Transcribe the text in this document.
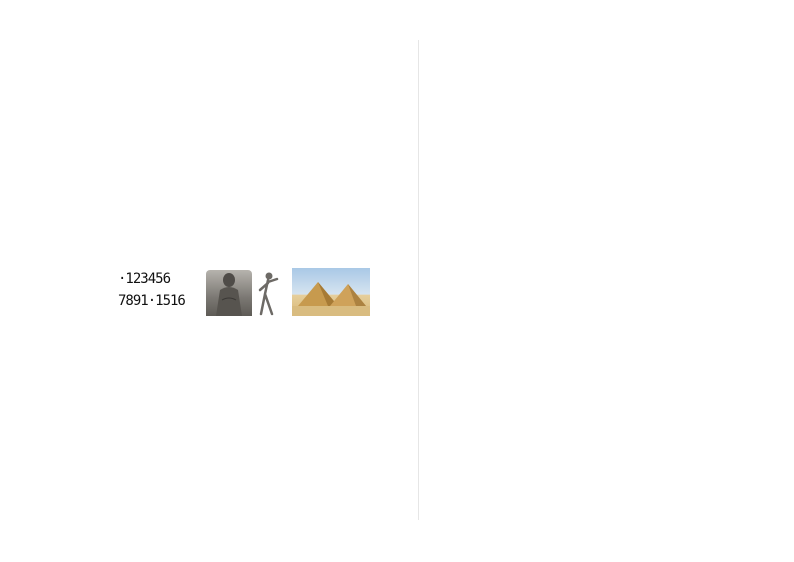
·123456
7891·1516
